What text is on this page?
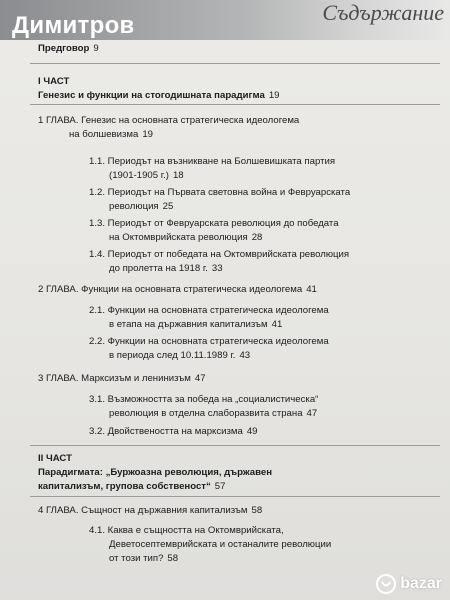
Димитров	Съдържание
Предговор 9
I ЧАСТ
Генезис и функции на стогодишната парадигма 19
1 ГЛАВА. Генезис на основната стратегическа идеологема
на болшевизма 19
1.1. Периодът на възникване на Болшевишката партия
(1901-1905 г.) 18
1.2. Периодът на Първата световна война и Февруарската
революция 25
1.3. Периодът от Февруарската революция до победата
на Октомврийската революция 28
1.4. Периодът от победата на Октомврийската революция
до пролетта на 1918 г. 33
2 ГЛАВА. Функции на основната стратегическа идеологема 41
2.1. Функции на основната стратегическа идеологема
в етапа на държавния капитализъм 41
2.2. Функции на основната стратегическа идеологема
в периода след 10.11.1989 г. 43
3 ГЛАВА. Марксизъм и ленинизъм 47
3.1. Възможността за победа на „социалистическа“
революция в отделна слаборазвита страна 47
3.2. Двойствеността на марксизма 49
II ЧАСТ
Парадигмата: „Буржоазна революция, държавен
капитализъм, групова собственост“ 57
4 ГЛАВА. Същност на държавния капитализъм 58
4.1. Каква е същността на Октомврийската,
Деветосептемврийската и останалите революции
от този тип? 58
bazar
